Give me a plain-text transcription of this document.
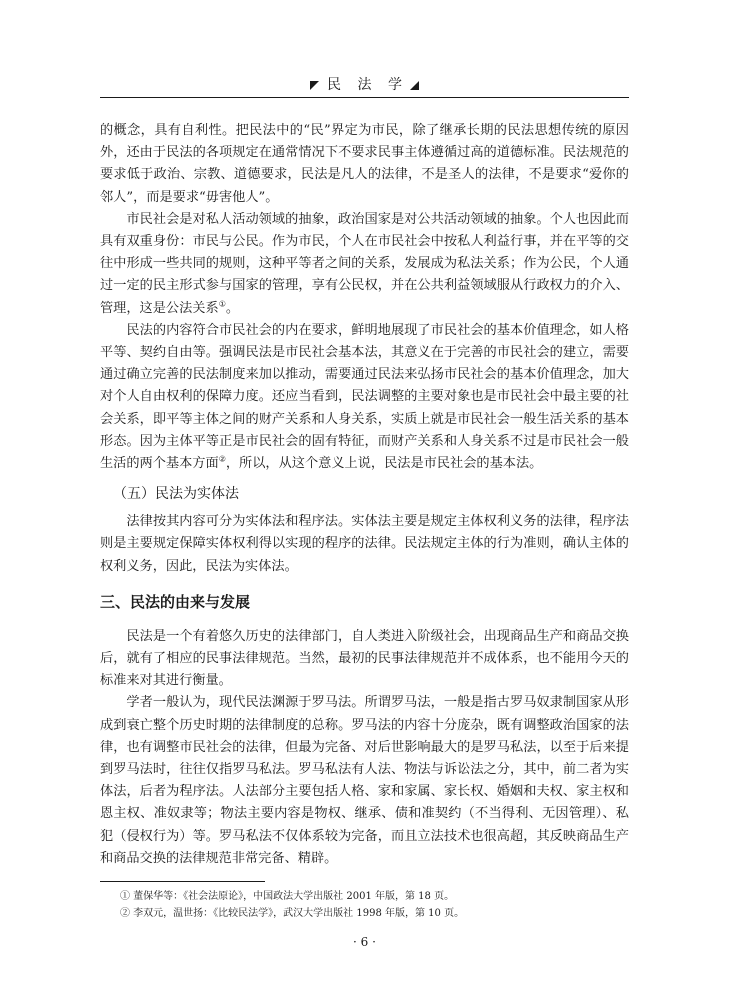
民 法 学

的概念，具有自利性。把民法中的“民”界定为市民，除了继承长期的民法思想传统的原因外，还由于民法的各项规定在通常情况下不要求民事主体遵循过高的道德标准。民法规范的要求低于政治、宗教、道德要求，民法是凡人的法律，不是圣人的法律，不是要求“爱你的邻人”，而是要求“毋害他人”。

市民社会是对私人活动领域的抽象，政治国家是对公共活动领域的抽象。个人也因此而具有双重身份：市民与公民。作为市民，个人在市民社会中按私人利益行事，并在平等的交往中形成一些共同的规则，这种平等者之间的关系，发展成为私法关系；作为公民，个人通过一定的民主形式参与国家的管理，享有公民权，并在公共利益领域服从行政权力的介入、管理，这是公法关系①。

民法的内容符合市民社会的内在要求，鲜明地展现了市民社会的基本价值理念，如人格平等、契约自由等。强调民法是市民社会基本法，其意义在于完善的市民社会的建立，需要通过确立完善的民法制度来加以推动，需要通过民法来弘扬市民社会的基本价值理念，加大对个人自由权利的保障力度。还应当看到，民法调整的主要对象也是市民社会中最主要的社会关系，即平等主体之间的财产关系和人身关系，实质上就是市民社会一般生活关系的基本形态。因为主体平等正是市民社会的固有特征，而财产关系和人身关系不过是市民社会一般生活的两个基本方面②，所以，从这个意义上说，民法是市民社会的基本法。

（五）民法为实体法

法律按其内容可分为实体法和程序法。实体法主要是规定主体权利义务的法律，程序法则是主要规定保障实体权利得以实现的程序的法律。民法规定主体的行为准则，确认主体的权利义务，因此，民法为实体法。

三、民法的由来与发展

民法是一个有着悠久历史的法律部门，自人类进入阶级社会，出现商品生产和商品交换后，就有了相应的民事法律规范。当然，最初的民事法律规范并不成体系，也不能用今天的标准来对其进行衡量。

学者一般认为，现代民法渊源于罗马法。所谓罗马法，一般是指古罗马奴隶制国家从形成到衰亡整个历史时期的法律制度的总称。罗马法的内容十分庞杂，既有调整政治国家的法律，也有调整市民社会的法律，但最为完备、对后世影响最大的是罗马私法，以至于后来提到罗马法时，往往仅指罗马私法。罗马私法有人法、物法与诉讼法之分，其中，前二者为实体法，后者为程序法。人法部分主要包括人格、家和家属、家长权、婚姻和夫权、家主权和恩主权、准奴隶等；物法主要内容是物权、继承、债和准契约（不当得利、无因管理）、私犯（侵权行为）等。罗马私法不仅体系较为完备，而且立法技术也很高超，其反映商品生产和商品交换的法律规范非常完备、精辟。

① 董保华等：《社会法原论》，中国政法大学出版社 2001 年版，第 18 页。

② 李双元，温世扬：《比较民法学》，武汉大学出版社 1998 年版，第 10 页。

· 6 ·
